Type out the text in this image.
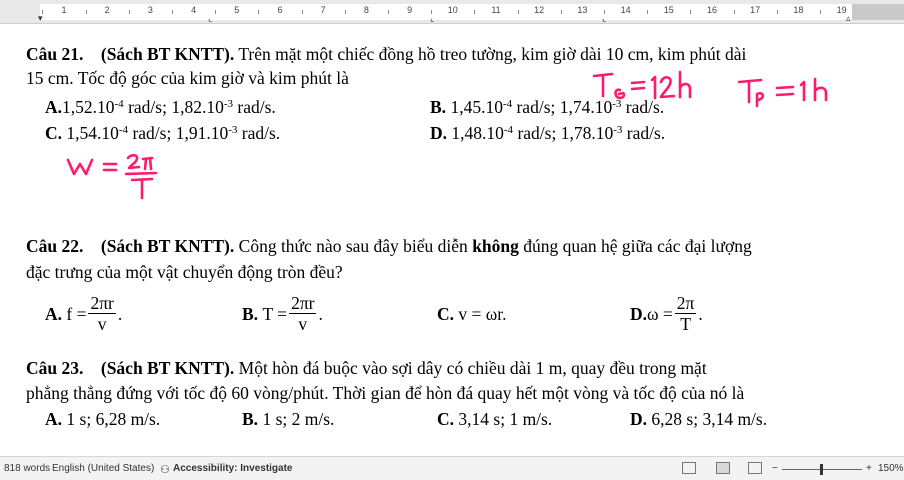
1	2	3	4	5	6	7	8	9	10	11	12	13	14	15	16	17	18	19
▾	⌞	⌞	⌞	▵
Câu 21. (Sách BT KNTT). Trên mặt một chiếc đồng hồ treo tường, kim giờ dài 10 cm, kim phút dài
15 cm. Tốc độ góc của kim giờ và kim phút là
$A.1,52.10^{-4}$ rad/s; $1,82.10^{-3}$ rad/s.	B. $1,45.10^{-4}$ rad/s; $1,74.10^{-3}$ rad/s.
C. $1,54.10^{-4}$ rad/s; $1,91.10^{-3}$ rad/s.	D. $1,48.10^{-4}$ rad/s; $1,78.10^{-3}$ rad/s.
Câu 22. (Sách BT KNTT). Công thức nào sau đây biểu diễn không đúng quan hệ giữa các đại lượng
đặc trưng của một vật chuyển động tròn đều?
A.
$f = \frac{2\pi r}{v}$ .	B.
$T = \frac{2\pi r}{v}$ .	C.
v = ωr.	D. $\omega = \frac{2\pi}{T}$ .
Câu 23. (Sách BT KNTT). Một hòn đá buộc vào sợi dây có chiều dài 1 m, quay đều trong mặt
phẳng thẳng đứng với tốc độ 60 vòng/phút. Thời gian để hòn đá quay hết một vòng và tốc độ của nó là
A. 1 s; 6,28 m/s.	B. 1 s; 2 m/s.	C. 3,14 s; 1 m/s.	D. 6,28 s; 3,14 m/s.
818 words English (United States) ⚇ Accessibility: Investigate	−	+ 150%
